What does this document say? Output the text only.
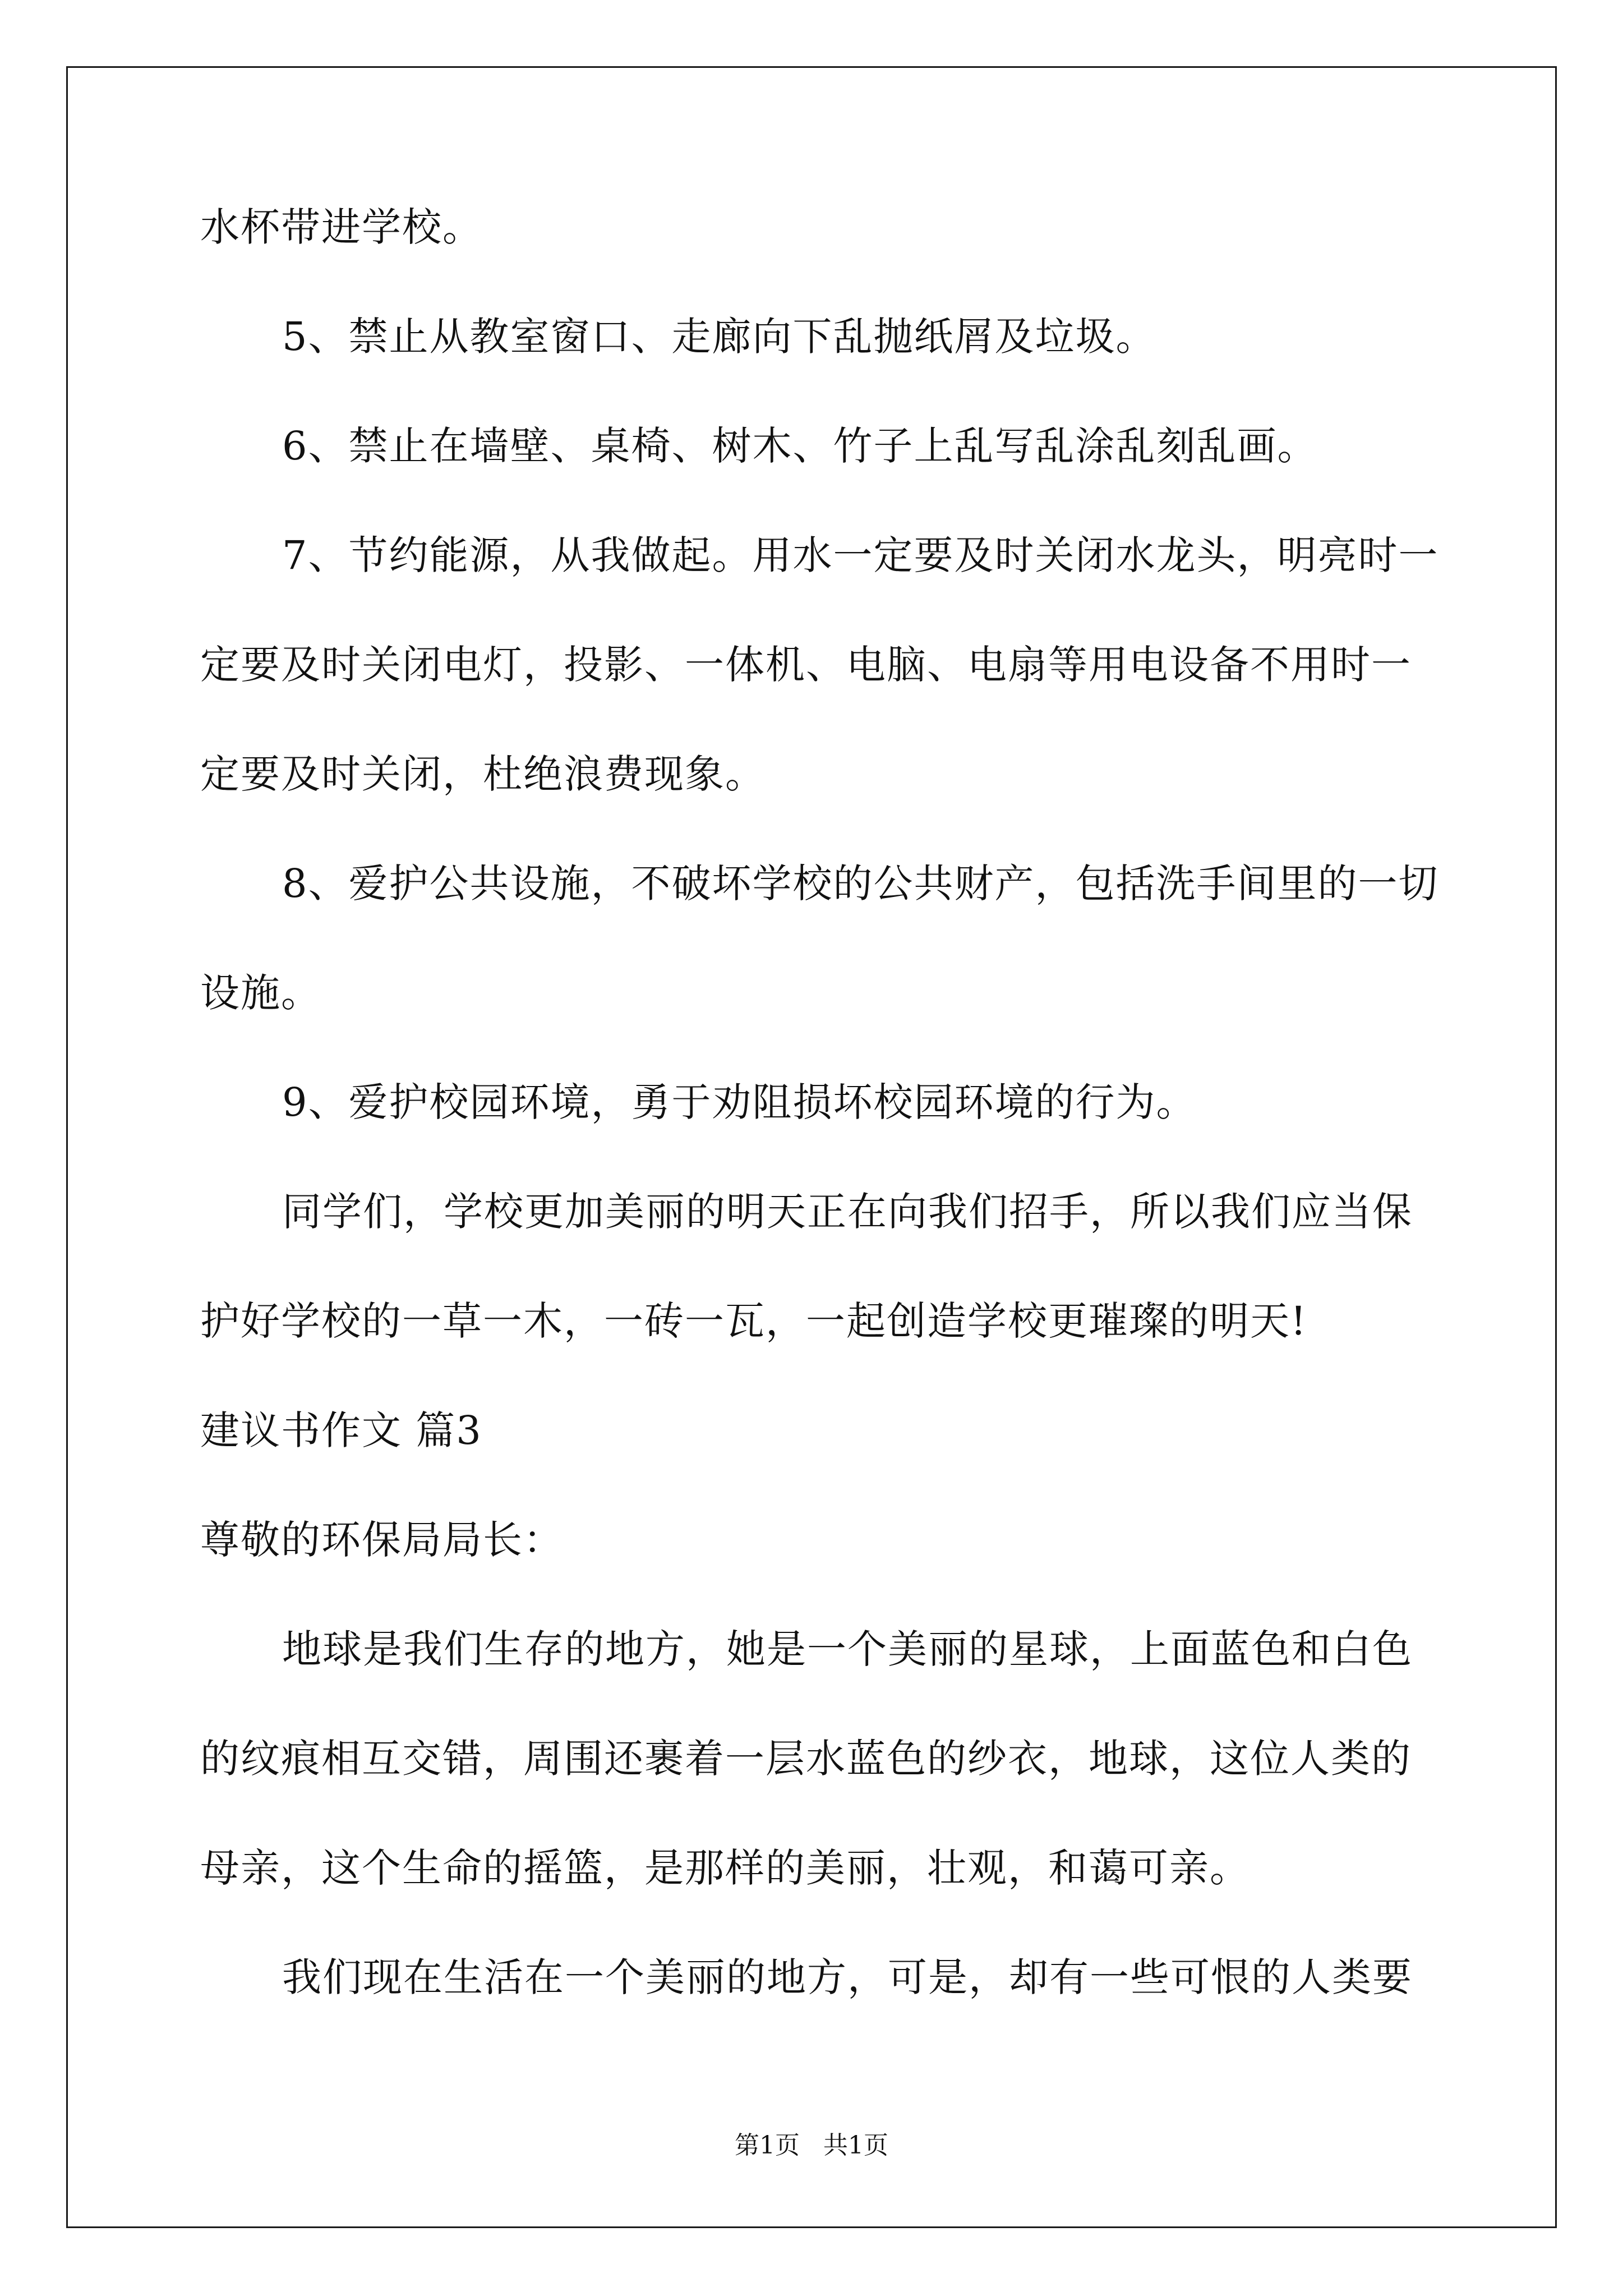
水杯带进学校。
5、禁止从教室窗口、走廊向下乱抛纸屑及垃圾。
6、禁止在墙壁、桌椅、树木、竹子上乱写乱涂乱刻乱画。
7、节约能源，从我做起。用水一定要及时关闭水龙头，明亮时一
定要及时关闭电灯，投影、一体机、电脑、电扇等用电设备不用时一
定要及时关闭，杜绝浪费现象。
8、爱护公共设施，不破坏学校的公共财产，包括洗手间里的一切
设施。
9、爱护校园环境，勇于劝阻损坏校园环境的行为。
同学们，学校更加美丽的明天正在向我们招手，所以我们应当保
护好学校的一草一木，一砖一瓦，一起创造学校更璀璨的明天!
建议书作文 篇3
尊敬的环保局局长：
地球是我们生存的地方，她是一个美丽的星球，上面蓝色和白色
的纹痕相互交错，周围还裹着一层水蓝色的纱衣，地球，这位人类的
母亲，这个生命的摇篮，是那样的美丽，壮观，和蔼可亲。
我们现在生活在一个美丽的地方，可是，却有一些可恨的人类要
第1页   共1页
